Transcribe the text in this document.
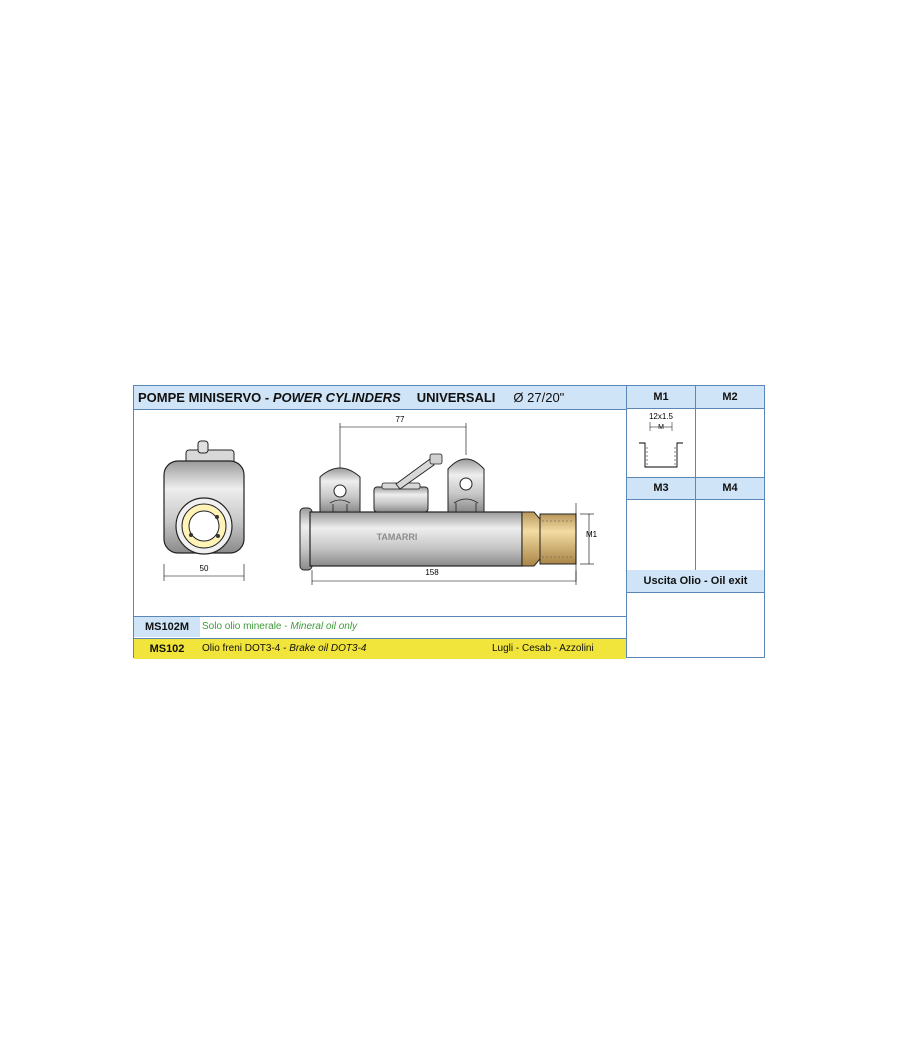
POMPE MINISERVO - POWER CYLINDERS UNIVERSALI Ø 27/20"	M1	M2
12x1.5
M
M3	M4
Uscita Olio - Oil exit
50
77
TAMARRI	M1
158
MS102M	Solo olio minerale - Mineral oil only
MS102	Olio freni DOT3-4 - Brake oil DOT3-4	Lugli - Cesab - Azzolini
